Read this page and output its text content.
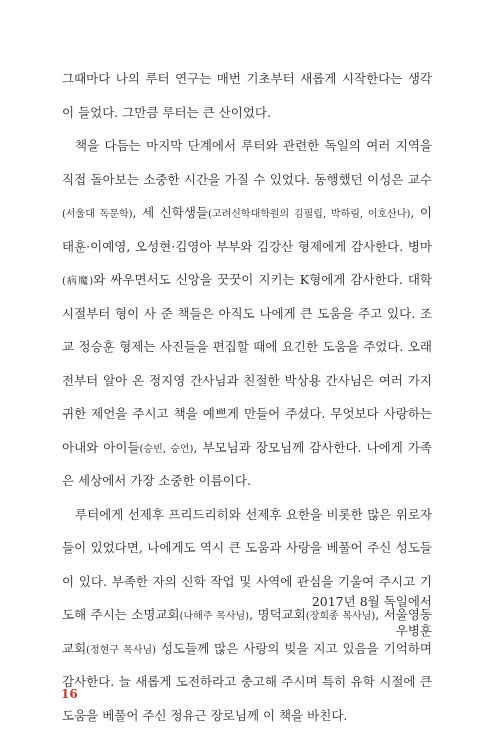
그때마다 나의 루터 연구는 매번 기초부터 새롭게 시작한다는 생각
이 들었다. 그만큼 루터는 큰 산이었다.
책을 다듬는 마지막 단계에서 루터와 관련한 독일의 여러 지역을
직접 돌아보는 소중한 시간을 가질 수 있었다. 동행했던 이성은 교수
(서울대 독문학), 세 신학생들(고려신학대학원의 김필립, 박하림, 이호산나), 이
태훈·이예영, 오성현·김영아 부부와 김강산 형제에게 감사한다. 병마
(病魔)와 싸우면서도 신앙을 꿋꿋이 지키는 K형에게 감사한다. 대학
시절부터 형이 사 준 책들은 아직도 나에게 큰 도움을 주고 있다. 조
교 정승훈 형제는 사진들을 편집할 때에 요긴한 도움을 주었다. 오래
전부터 알아 온 정지영 간사님과 친절한 박상용 간사님은 여러 가지
귀한 제언을 주시고 책을 예쁘게 만들어 주셨다. 무엇보다 사랑하는
아내와 아이들(승빈, 승언), 부모님과 장모님께 감사한다. 나에게 가족
은 세상에서 가장 소중한 이름이다.
루터에게 선제후 프리드리히와 선제후 요한을 비롯한 많은 위로자
들이 있었다면, 나에게도 역시 큰 도움과 사랑을 베풀어 주신 성도들
이 있다. 부족한 자의 신학 작업 및 사역에 관심을 기울여 주시고 기
도해 주시는 소명교회(나해주 목사님), 명덕교회(장희종 목사님), 서울영동
교회(정현구 목사님) 성도들께 많은 사랑의 빚을 지고 있음을 기억하며
감사한다. 늘 새롭게 도전하라고 충고해 주시며 특히 유학 시절에 큰
도움을 베풀어 주신 정유근 장로님께 이 책을 바친다.
2017년 8월 독일에서
우병훈
16
